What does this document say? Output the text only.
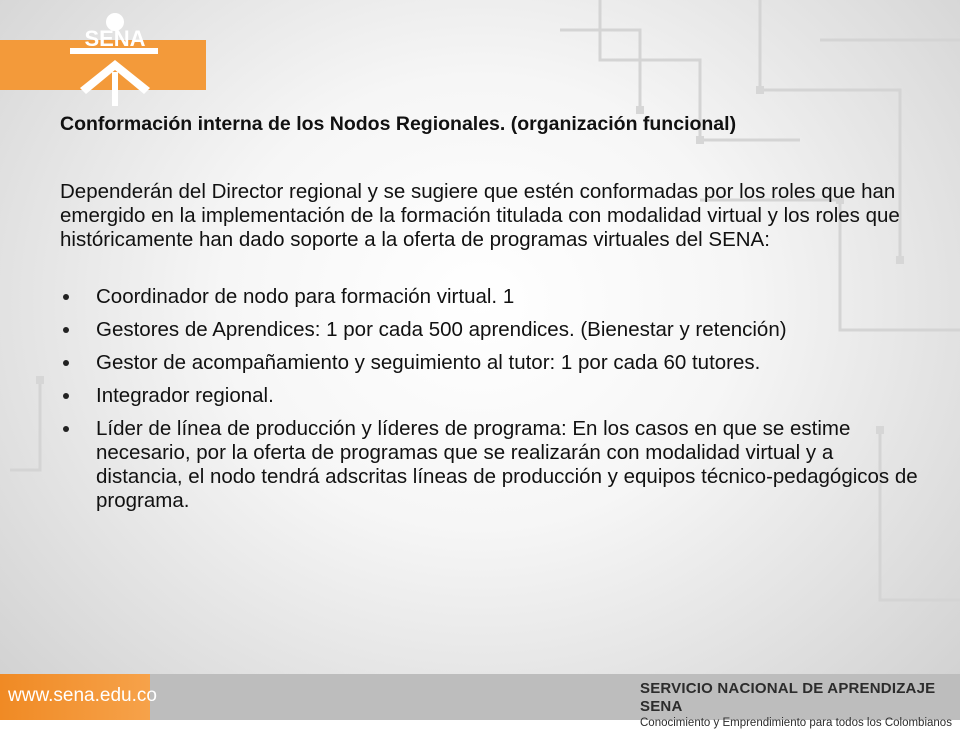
SENA

Conformación interna de los Nodos Regionales. (organización funcional)

Dependerán del Director regional y se sugiere que estén conformadas por los roles que han emergido en la implementación de la formación titulada con modalidad virtual y los roles que históricamente han dado soporte a la oferta de programas virtuales del SENA:

Coordinador de nodo para formación virtual. 1
Gestores de Aprendices: 1 por cada 500 aprendices. (Bienestar y retención)
Gestor de acompañamiento y seguimiento al tutor: 1 por cada 60 tutores.
Integrador regional.
Líder de línea de producción y líderes de programa: En los casos en que se estime necesario, por la oferta de programas que se realizarán con modalidad virtual y a distancia, el nodo tendrá adscritas líneas de producción y equipos técnico-pedagógicos de programa.
www.sena.edu.co	SERVICIO NACIONAL DE APRENDIZAJE SENA
Conocimiento y Emprendimiento para todos los Colombianos
